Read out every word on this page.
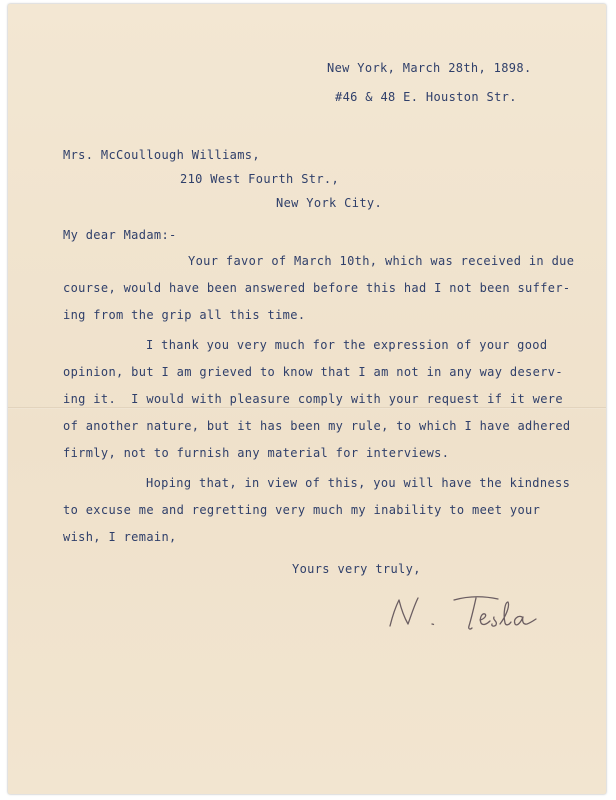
New York, March 28th, 1898.
#46 & 48 E. Houston Str.
Mrs. McCoullough Williams,
210 West Fourth Str.,
New York City.
My dear Madam:-
Your favor of March 10th, which was received in due
course, would have been answered before this had I not been suffer-
ing from the grip all this time.
I thank you very much for the expression of your good
opinion, but I am grieved to know that I am not in any way deserv-
ing it.  I would with pleasure comply with your request if it were
of another nature, but it has been my rule, to which I have adhered
firmly, not to furnish any material for interviews.
Hoping that, in view of this, you will have the kindness
to excuse me and regretting very much my inability to meet your
wish, I remain,
Yours very truly,
